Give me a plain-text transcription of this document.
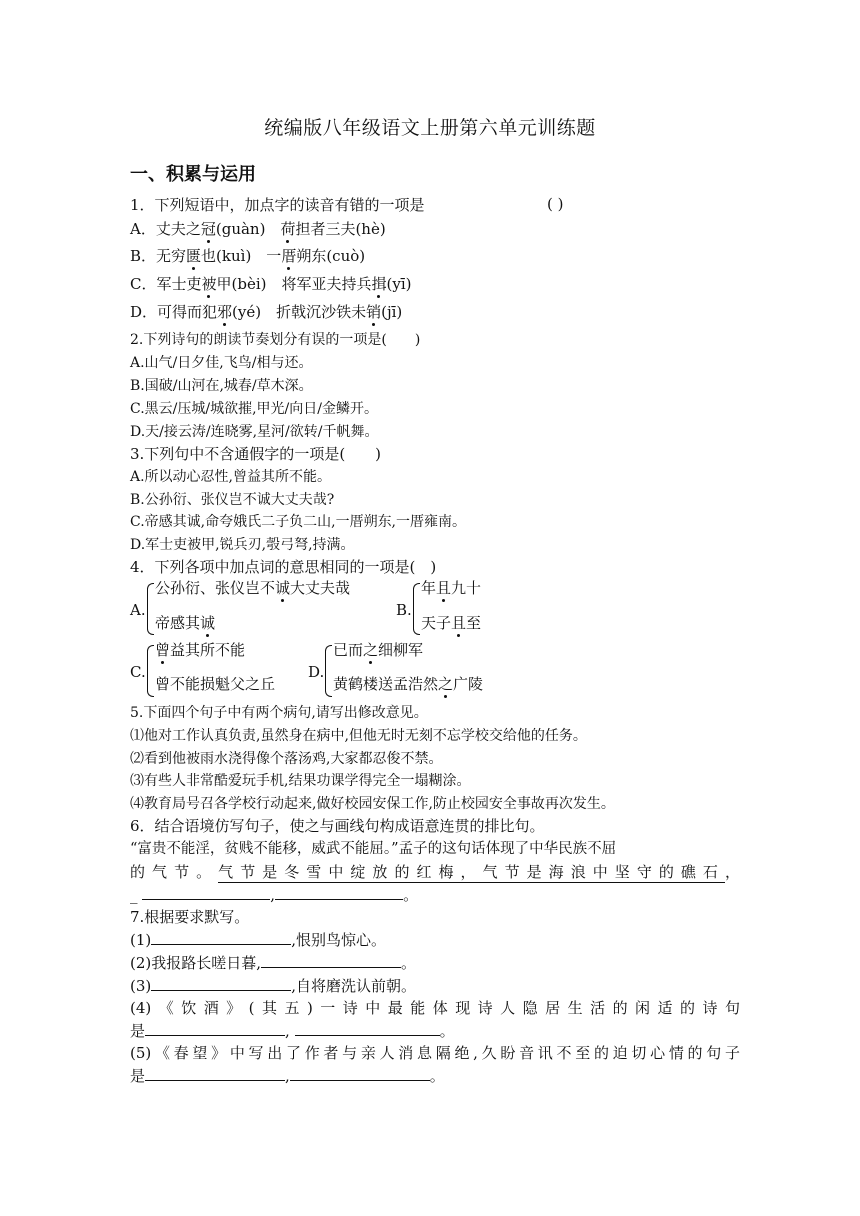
统编版八年级语文上册第六单元训练题
一、积累与运用
1．下列短语中，加点字的读音有错的一项是	( )
A．丈夫之冠(guàn)　荷担者三夫(hè)
B．无穷匮也(kuì)　一厝朔东(cuò)
C．军士吏被甲(bèi)　将军亚夫持兵揖(yī)
D．可得而犯邪(yé)　折戟沉沙铁未销(jī)
2.下列诗句的朗读节奏划分有误的一项是(　　)
A.山气/日夕佳,飞鸟/相与还。
B.国破/山河在,城春/草木深。
C.黑云/压城/城欲摧,甲光/向日/金鳞开。
D.天/接云涛/连晓雾,星河/欲转/千帆舞。
3.下列句中不含通假字的一项是(　　)
A.所以动心忍性,曾益其所不能。
B.公孙衍、张仪岂不诚大丈夫哉?
C.帝感其诚,命夸娥氏二子负二山,一厝朔东,一厝雍南。
D.军士吏被甲,锐兵刃,彀弓弩,持满。
4．下列各项中加点词的意思相同的一项是(　)
A.
公孙衍、张仪岂不诚大丈夫哉
帝感其诚
B.
年且九十
天子且至
C.
曾益其所不能
曾不能损魁父之丘
D.
已而之细柳军
黄鹤楼送孟浩然之广陵
5.下面四个句子中有两个病句,请写出修改意见。
⑴他对工作认真负责,虽然身在病中,但他无时无刻不忘学校交给他的任务。
⑵看到他被雨水浇得像个落汤鸡,大家都忍俊不禁。
⑶有些人非常酷爱玩手机,结果功课学得完全一塌糊涂。
⑷教育局号召各学校行动起来,做好校园安保工作,防止校园安全事故再次发生。
6．结合语境仿写句子，使之与画线句构成语意连贯的排比句。
“富贵不能淫，贫贱不能移，威武不能屈。”孟子的这句话体现了中华民族不屈
的气节。气节是冬雪中绽放的红梅，气节是海浪中坚守的礁石，
_	,	。
7.根据要求默写。
(1)	,恨别鸟惊心。
(2)我报路长嗟日暮,	。
(3)	,自将磨洗认前朝。
(4)《饮酒》(其五)一诗中最能体现诗人隐居生活的闲适的诗句
是	,	。
(5)《春望》中写出了作者与亲人消息隔绝,久盼音讯不至的迫切心情的句子
是	,	。
